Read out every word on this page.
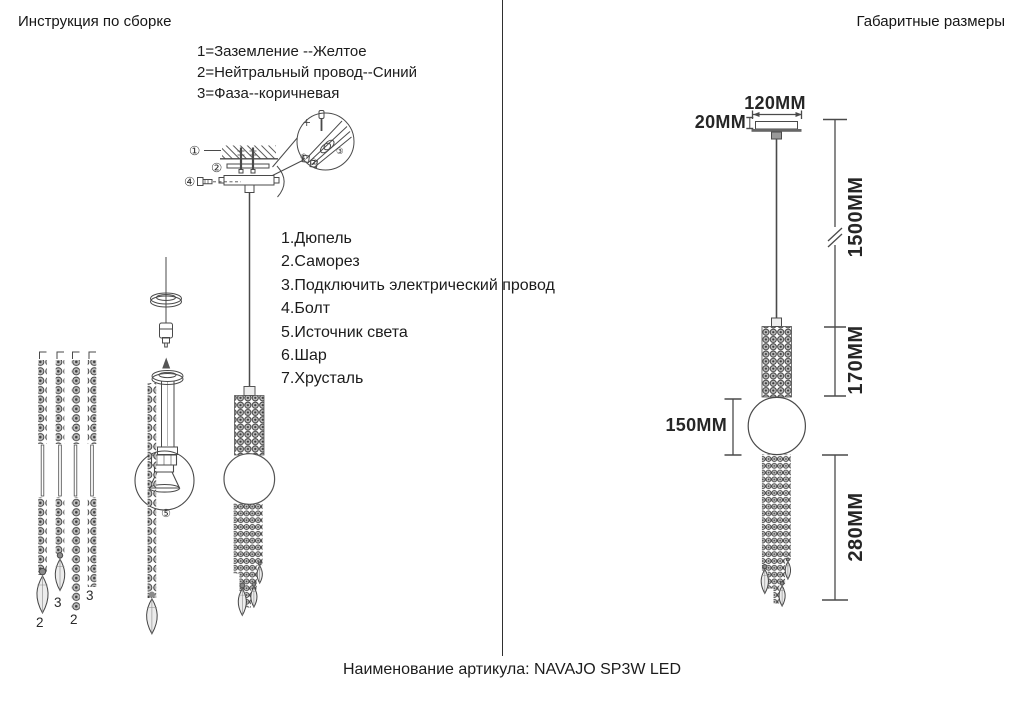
Инструкция по сборке	Габаритные размеры
1=Заземление --Желтое
2=Нейтральный провод--Синий
3=Фаза--коричневая
1.Дюпель
2.Саморез
3.Подключить электрический провод
4.Болт
5.Источник света
6.Шар
7.Хрусталь
①
②
④
⑤
① ②
③
2
3
2
3
120MM
20MM
150MM
1500MM
170MM
280MM
Наименование артикула: NAVAJO SP3W LED
